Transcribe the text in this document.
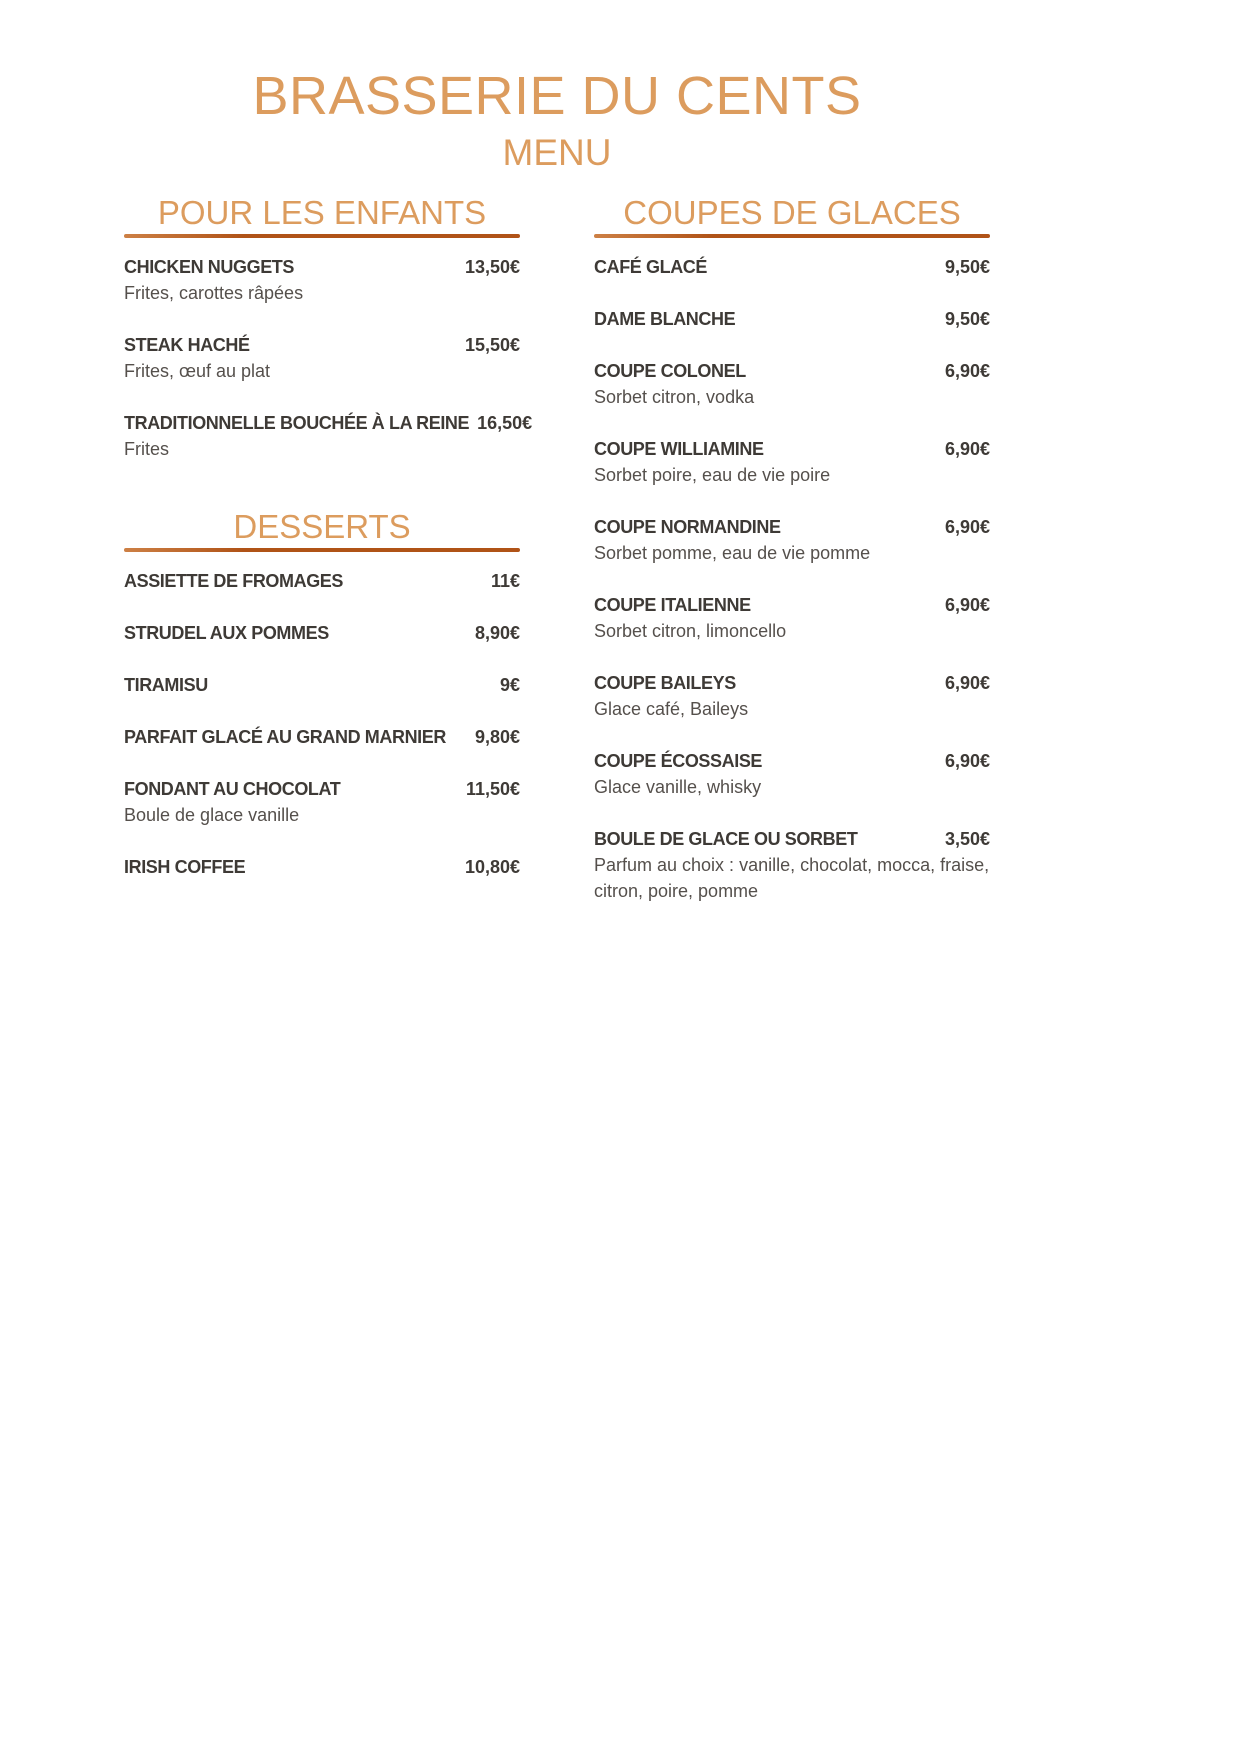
BRASSERIE DU CENTS
MENU
POUR LES ENFANTS
CHICKEN NUGGETS	13,50€
Frites, carottes râpées
STEAK HACHÉ	15,50€
Frites, œuf au plat
TRADITIONNELLE BOUCHÉE À LA REINE 16,50€
Frites
DESSERTS
ASSIETTE DE FROMAGES	11€
STRUDEL AUX POMMES	8,90€
TIRAMISU	9€
PARFAIT GLACÉ AU GRAND MARNIER 9,80€
FONDANT AU CHOCOLAT	11,50€
Boule de glace vanille
IRISH COFFEE	10,80€
COUPES DE GLACES
CAFÉ GLACÉ	9,50€
DAME BLANCHE	9,50€
COUPE COLONEL	6,90€
Sorbet citron, vodka
COUPE WILLIAMINE	6,90€
Sorbet poire, eau de vie poire
COUPE NORMANDINE	6,90€
Sorbet pomme, eau de vie pomme
COUPE ITALIENNE	6,90€
Sorbet citron, limoncello
COUPE BAILEYS	6,90€
Glace café, Baileys
COUPE ÉCOSSAISE	6,90€
Glace vanille, whisky
BOULE DE GLACE OU SORBET	3,50€
Parfum au choix : vanille, chocolat, mocca, fraise, citron, poire, pomme
